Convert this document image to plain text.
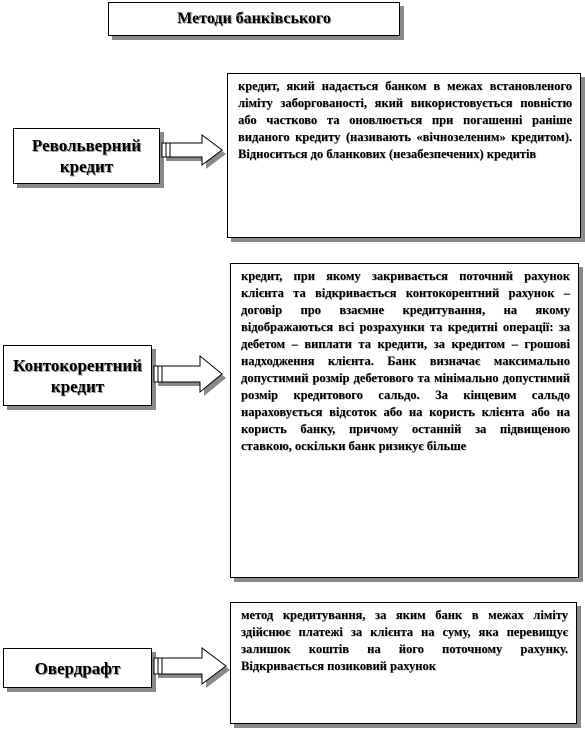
Методи банківського
Револьверний кредит
кредит, який надається банком в межах встановленого ліміту заборгованості, який використовується повністю або частково та оновлюється при погашенні раніше виданого кредиту (називають «вічнозеленим» кредитом). Відноситься до бланкових (незабезпечених) кредитів
Контокорентний кредит
кредит, при якому закривається поточний рахунок клієнта та відкривається контокорентний рахунок – договір про взаємне кредитування, на якому відображаються всі розрахунки та кредитні операції: за дебетом – виплати та кредити, за кредитом – грошові надходження клієнта. Банк визначає максимально допустимий розмір дебетового та мінімально допустимий розмір кредитового сальдо. За кінцевим сальдо нараховується відсоток або на користь клієнта або на користь банку, причому останній за підвищеною ставкою, оскільки банк ризикує більше
Овердрафт
метод кредитування, за яким банк в межах ліміту здійснює платежі за клієнта на суму, яка перевищує залишок коштів на його поточному рахунку. Відкривається позиковий рахунок
